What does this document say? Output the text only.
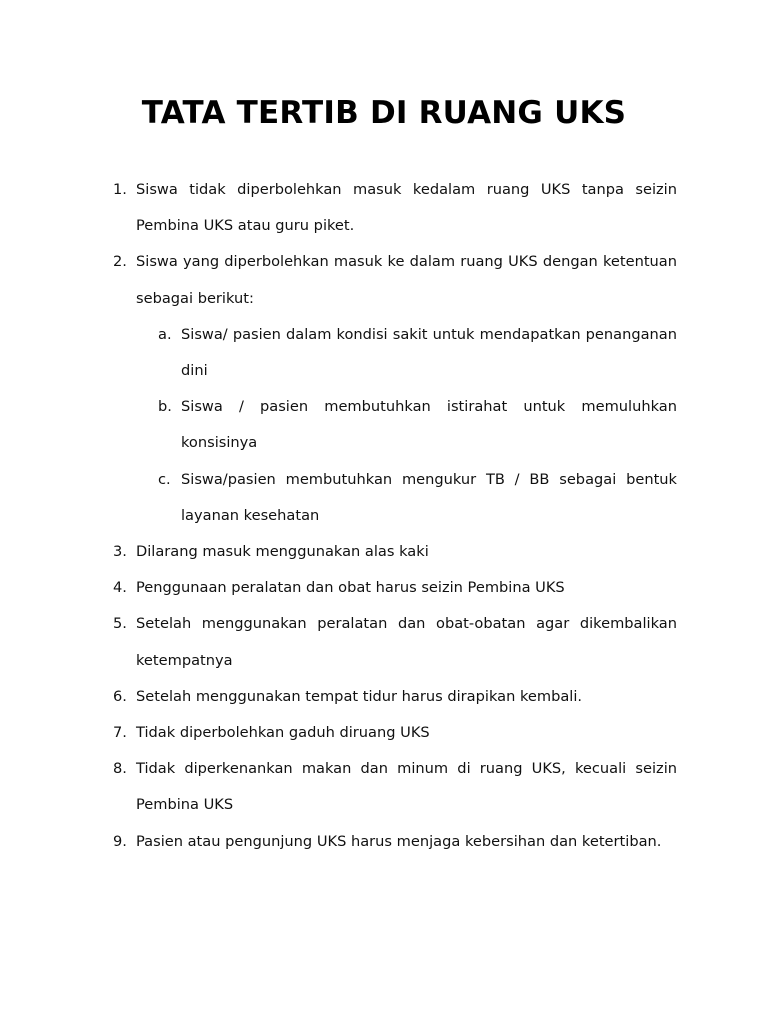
TATA TERTIB DI RUANG UKS
1. Siswa tidak diperbolehkan masuk kedalam ruang UKS tanpa seizin Pembina UKS atau guru piket.
2. Siswa yang diperbolehkan masuk ke dalam ruang UKS dengan ketentuan sebagai berikut:
a. Siswa/ pasien dalam kondisi sakit untuk mendapatkan penanganan dini
b. Siswa / pasien membutuhkan istirahat untuk memuluhkan konsisinya
c. Siswa/pasien membutuhkan mengukur TB / BB sebagai bentuk layanan kesehatan
3. Dilarang masuk menggunakan alas kaki
4. Penggunaan peralatan dan obat harus seizin Pembina UKS
5. Setelah menggunakan peralatan dan obat-obatan agar dikembalikan ketempatnya
6. Setelah menggunakan tempat tidur harus dirapikan kembali.
7. Tidak diperbolehkan gaduh diruang UKS
8. Tidak diperkenankan makan dan minum di ruang UKS, kecuali seizin Pembina UKS
9. Pasien atau pengunjung UKS harus menjaga kebersihan dan ketertiban.
